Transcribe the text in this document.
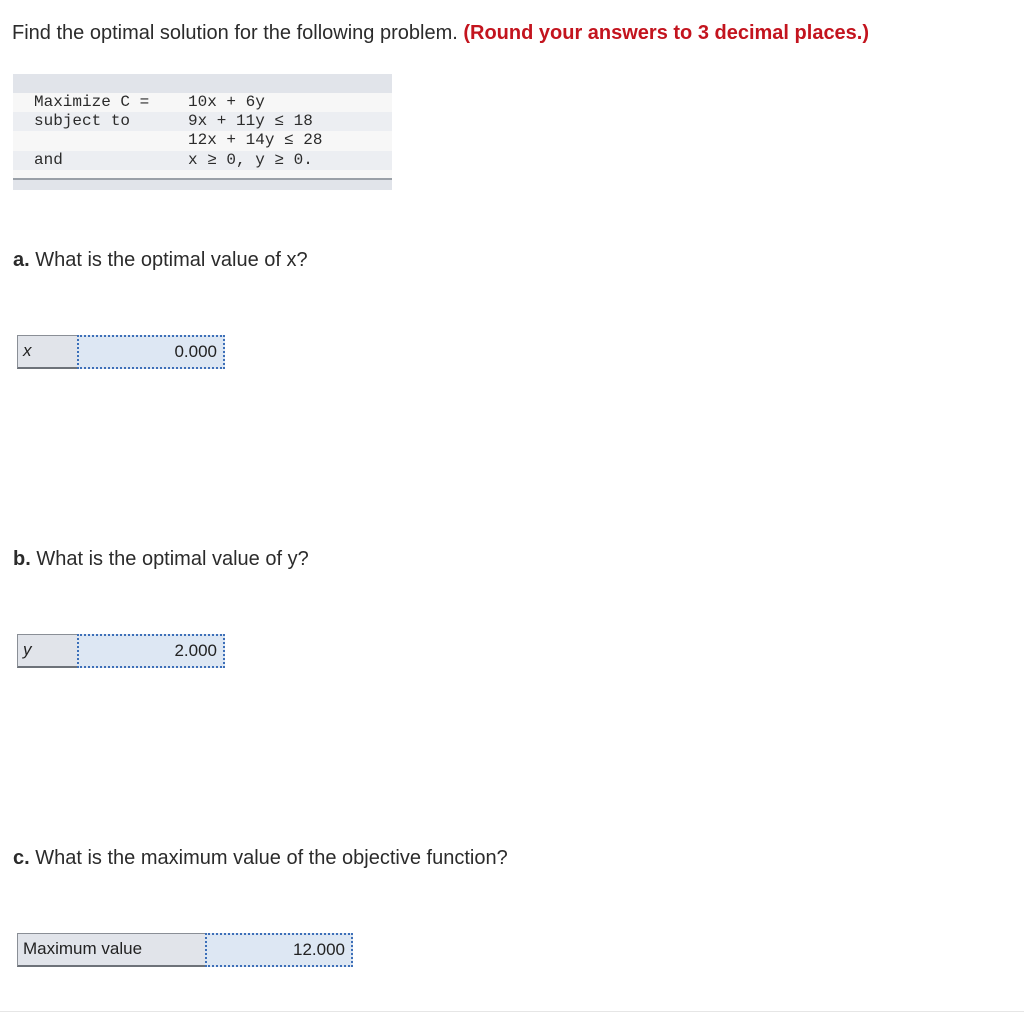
Find the optimal solution for the following problem. (Round your answers to 3 decimal places.)
Maximize C = 10x + 6y
subject to	9x + 11y ≤ 18
12x + 14y ≤ 28
and	x ≥ 0, y ≥ 0.
a. What is the optimal value of x?
x	0.000
b. What is the optimal value of y?
y	2.000
c. What is the maximum value of the objective function?
Maximum value	12.000
